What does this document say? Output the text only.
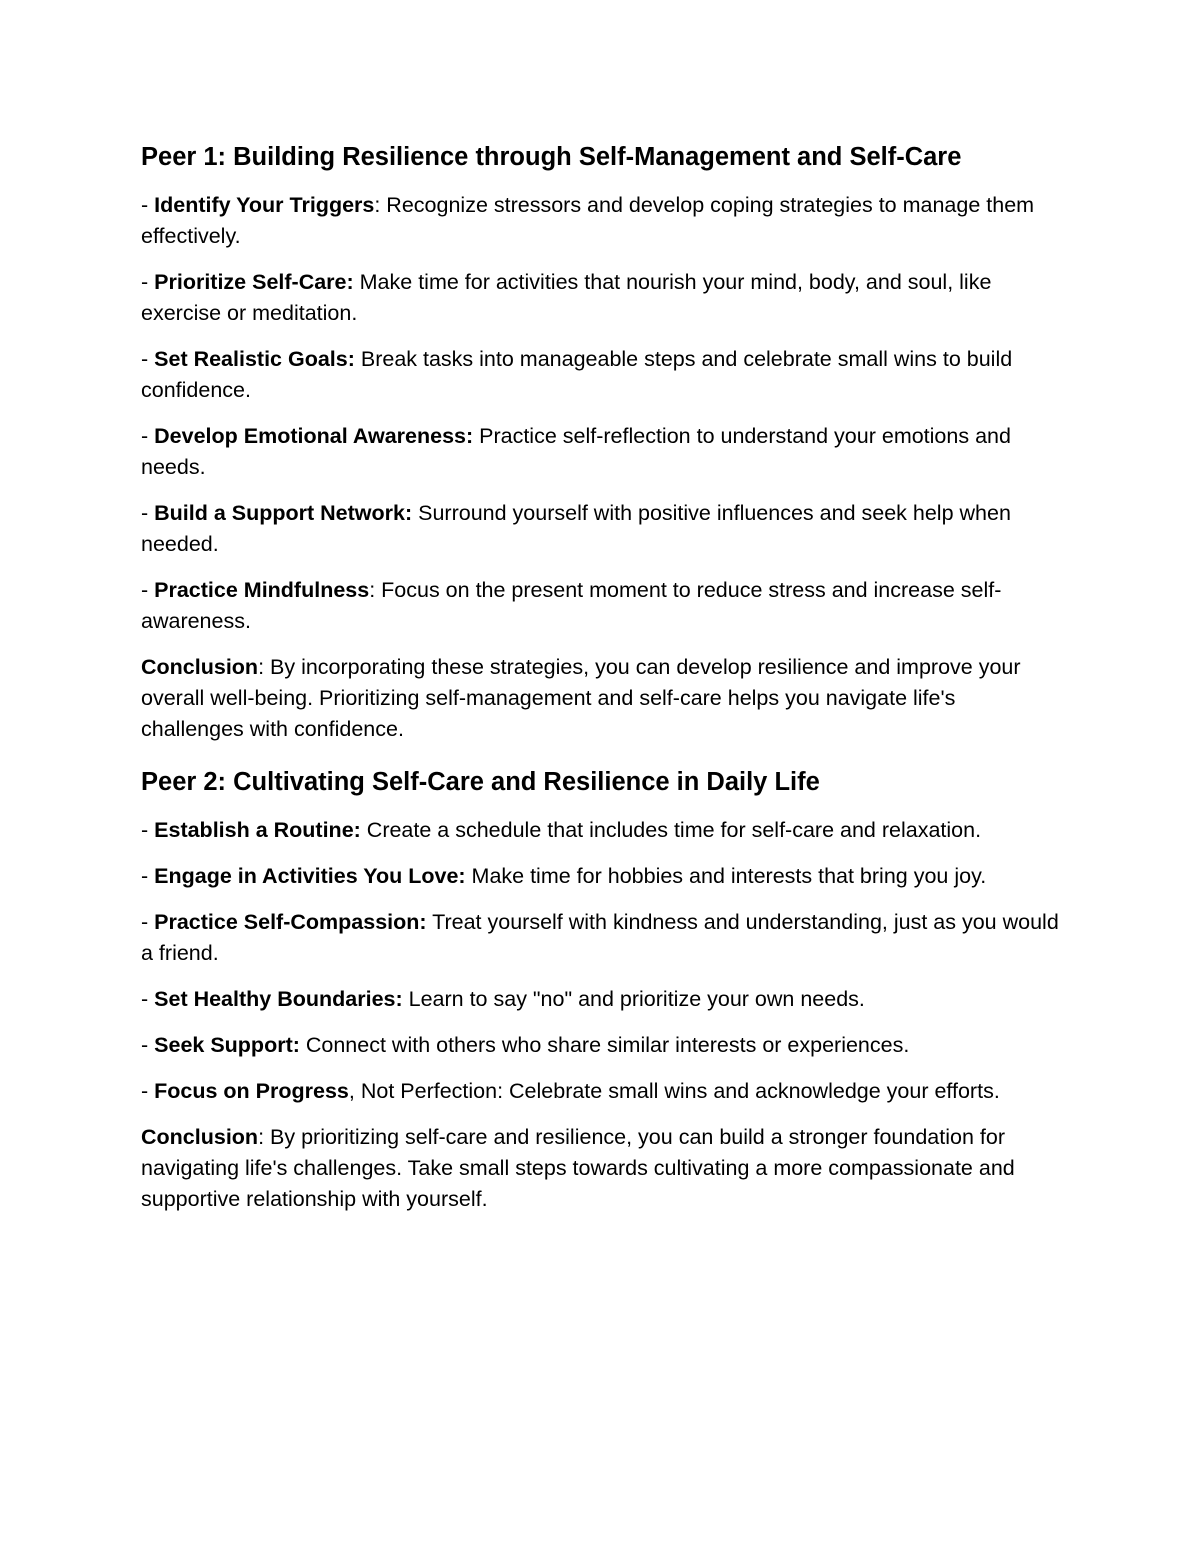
Peer 1: Building Resilience through Self-Management and Self-Care

- Identify Your Triggers: Recognize stressors and develop coping strategies to manage them effectively.

- Prioritize Self-Care: Make time for activities that nourish your mind, body, and soul, like exercise or meditation.

- Set Realistic Goals: Break tasks into manageable steps and celebrate small wins to build confidence.

- Develop Emotional Awareness: Practice self-reflection to understand your emotions and needs.

- Build a Support Network: Surround yourself with positive influences and seek help when needed.

- Practice Mindfulness: Focus on the present moment to reduce stress and increase self-awareness.

Conclusion: By incorporating these strategies, you can develop resilience and improve your overall well-being. Prioritizing self-management and self-care helps you navigate life's challenges with confidence.

Peer 2: Cultivating Self-Care and Resilience in Daily Life

- Establish a Routine: Create a schedule that includes time for self-care and relaxation.

- Engage in Activities You Love: Make time for hobbies and interests that bring you joy.

- Practice Self-Compassion: Treat yourself with kindness and understanding, just as you would a friend.

- Set Healthy Boundaries: Learn to say "no" and prioritize your own needs.

- Seek Support: Connect with others who share similar interests or experiences.

- Focus on Progress, Not Perfection: Celebrate small wins and acknowledge your efforts.

Conclusion: By prioritizing self-care and resilience, you can build a stronger foundation for navigating life's challenges. Take small steps towards cultivating a more compassionate and supportive relationship with yourself.
